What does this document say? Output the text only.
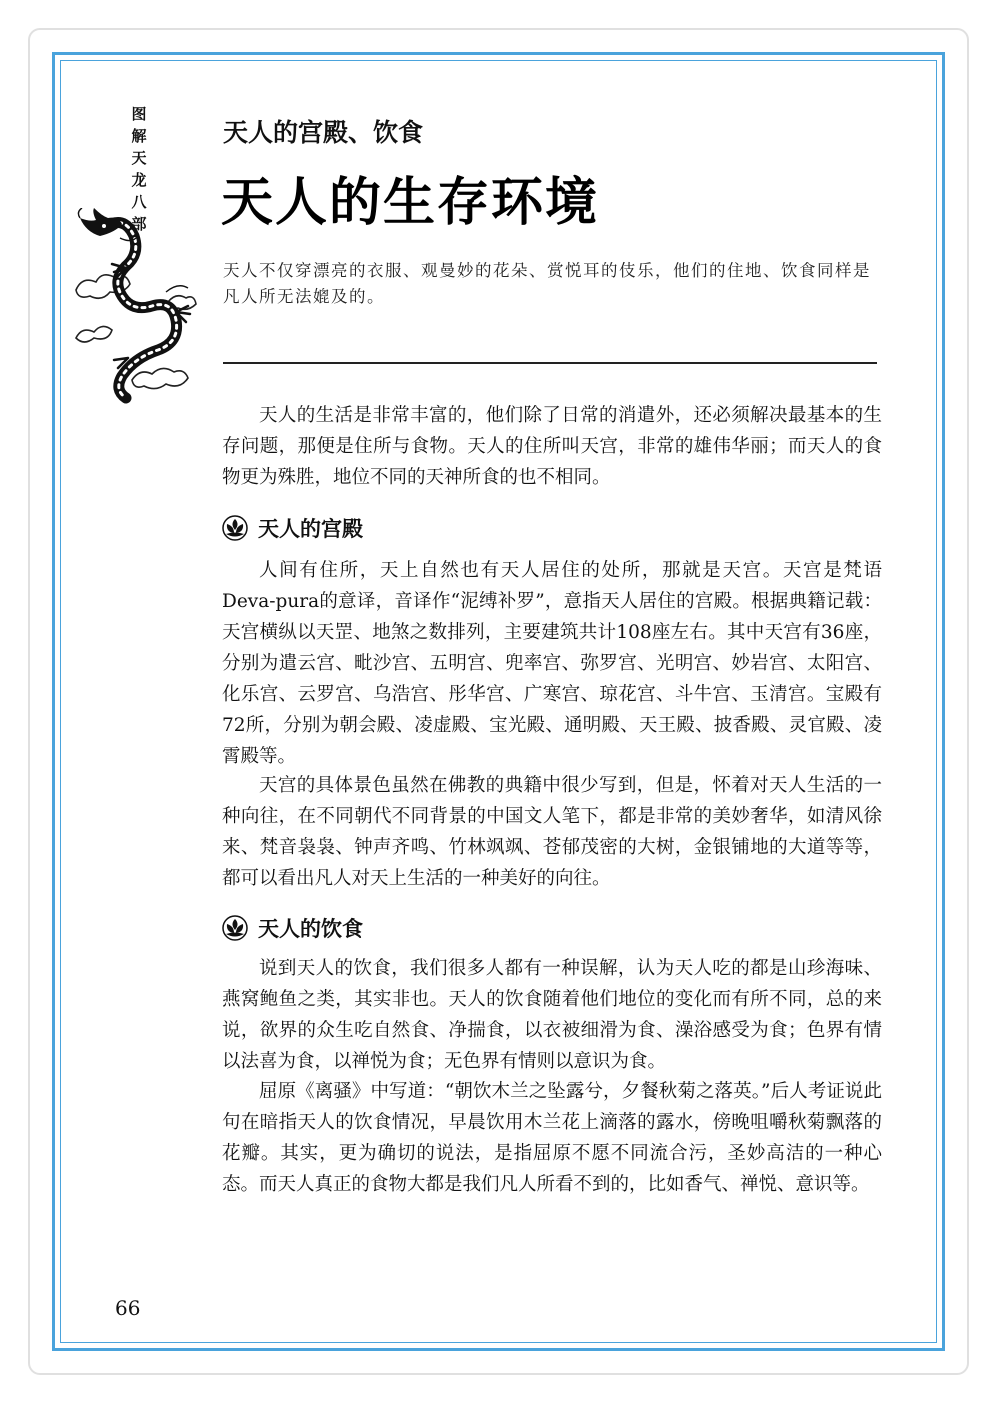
图
解
天
龙
八
部
天人的宫殿、饮食
天人的生存环境
天人不仅穿漂亮的衣服、观曼妙的花朵、赏悦耳的伎乐，他们的住地、饮食同样是凡人所无法媲及的。

天人的生活是非常丰富的，他们除了日常的消遣外，还必须解决最基本的生存问题，那便是住所与食物。天人的住所叫天宫，非常的雄伟华丽；而天人的食物更为殊胜，地位不同的天神所食的也不相同。

天人的宫殿

人间有住所，天上自然也有天人居住的处所，那就是天宫。天宫是梵语Deva-pura的意译，音译作“泥缚补罗”，意指天人居住的宫殿。根据典籍记载：天宫横纵以天罡、地煞之数排列，主要建筑共计108座左右。其中天宫有36座，分别为遣云宫、毗沙宫、五明宫、兜率宫、弥罗宫、光明宫、妙岩宫、太阳宫、化乐宫、云罗宫、乌浩宫、彤华宫、广寒宫、琼花宫、斗牛宫、玉清宫。宝殿有72所，分别为朝会殿、凌虚殿、宝光殿、通明殿、天王殿、披香殿、灵官殿、凌霄殿等。

天宫的具体景色虽然在佛教的典籍中很少写到，但是，怀着对天人生活的一种向往，在不同朝代不同背景的中国文人笔下，都是非常的美妙奢华，如清风徐来、梵音袅袅、钟声齐鸣、竹林飒飒、苍郁茂密的大树，金银铺地的大道等等，都可以看出凡人对天上生活的一种美好的向往。

天人的饮食

说到天人的饮食，我们很多人都有一种误解，认为天人吃的都是山珍海味、燕窝鲍鱼之类，其实非也。天人的饮食随着他们地位的变化而有所不同，总的来说，欲界的众生吃自然食、净揣食，以衣被细滑为食、澡浴感受为食；色界有情以法喜为食，以禅悦为食；无色界有情则以意识为食。

屈原《离骚》中写道：“朝饮木兰之坠露兮，夕餐秋菊之落英。”后人考证说此句在暗指天人的饮食情况，早晨饮用木兰花上滴落的露水，傍晚咀嚼秋菊飘落的花瓣。其实，更为确切的说法，是指屈原不愿不同流合污，圣妙高洁的一种心态。而天人真正的食物大都是我们凡人所看不到的，比如香气、禅悦、意识等。

66
